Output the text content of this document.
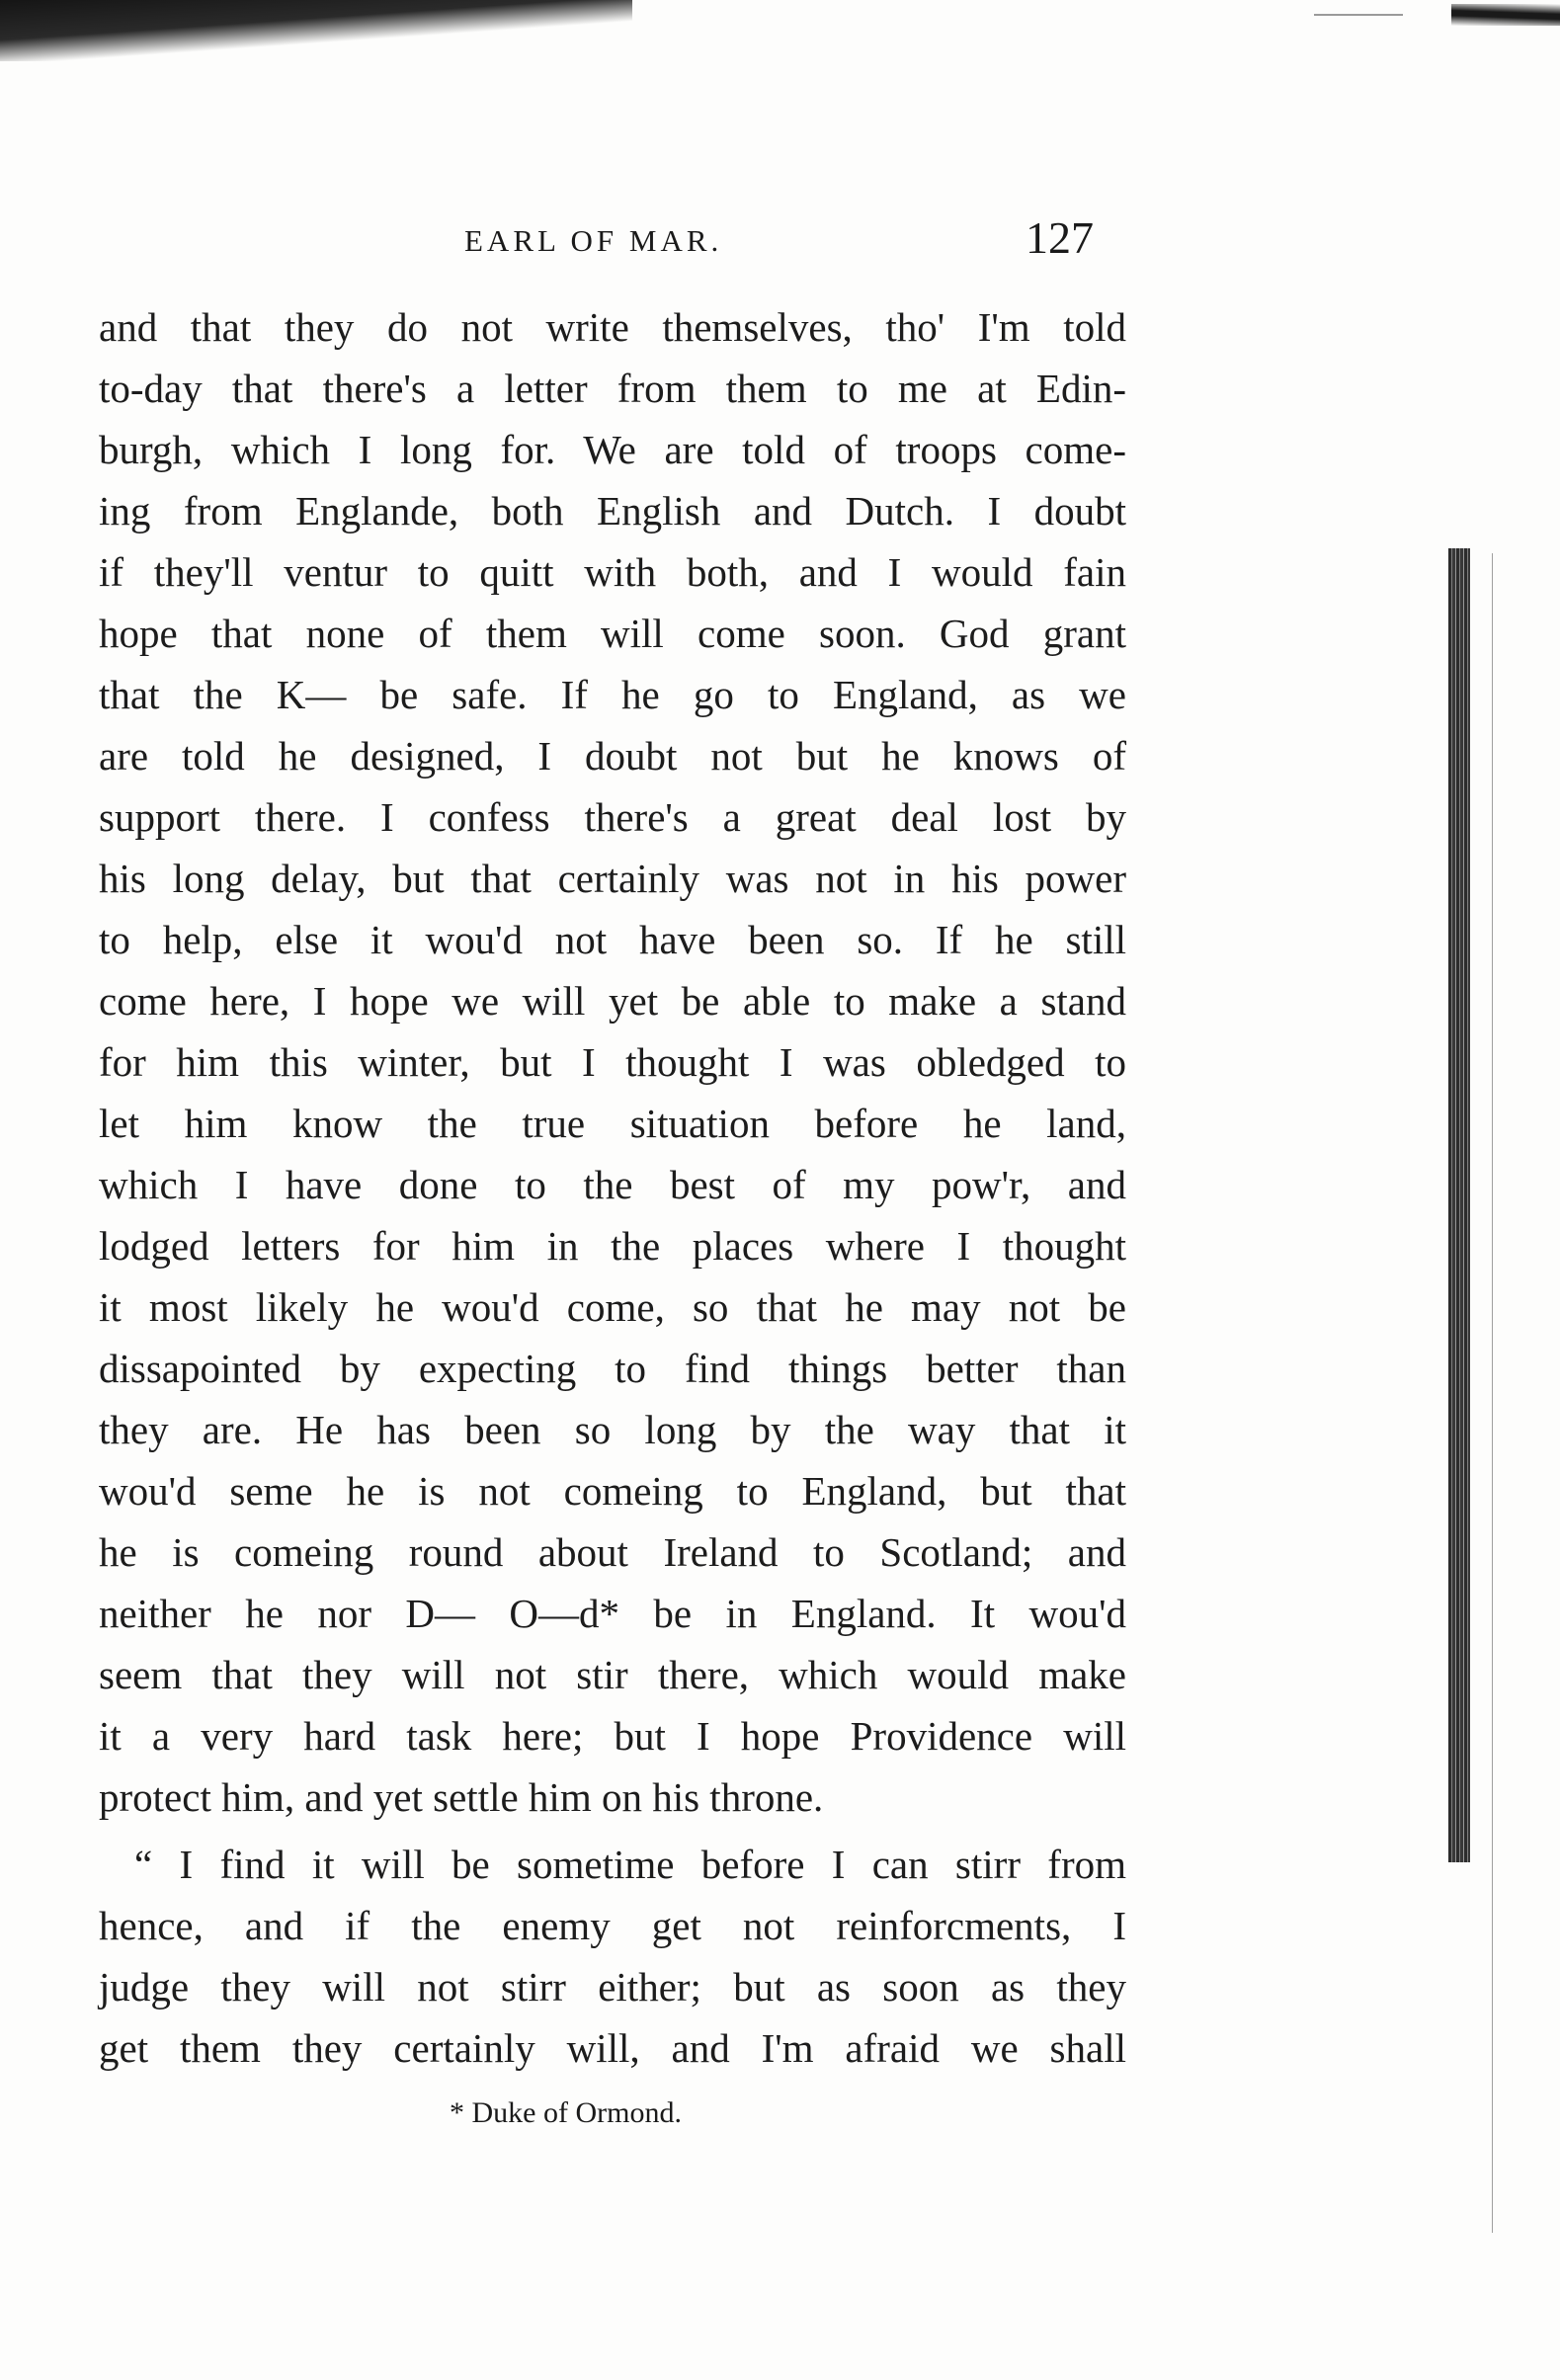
EARL OF MAR.	127
and that they do not write themselves, tho' I'm told
to-day that there's a letter from them to me at Edin-
burgh, which I long for. We are told of troops come-
ing from Englande, both English and Dutch. I doubt
if they'll ventur to quitt with both, and I would fain
hope that none of them will come soon. God grant
that the K— be safe. If he go to England, as we
are told he designed, I doubt not but he knows of
support there. I confess there's a great deal lost by
his long delay, but that certainly was not in his power
to help, else it wou'd not have been so. If he still
come here, I hope we will yet be able to make a stand
for him this winter, but I thought I was obledged to
let him know the true situation before he land,
which I have done to the best of my pow'r, and
lodged letters for him in the places where I thought
it most likely he wou'd come, so that he may not be
dissapointed by expecting to find things better than
they are. He has been so long by the way that it
wou'd seme he is not comeing to England, but that
he is comeing round about Ireland to Scotland; and
neither he nor D— O—d* be in England. It wou'd
seem that they will not stir there, which would make
it a very hard task here; but I hope Providence will
protect him, and yet settle him on his throne.
“ I find it will be sometime before I can stirr from
hence, and if the enemy get not reinforcments, I
judge they will not stirr either; but as soon as they
get them they certainly will, and I'm afraid we shall
* Duke of Ormond.
